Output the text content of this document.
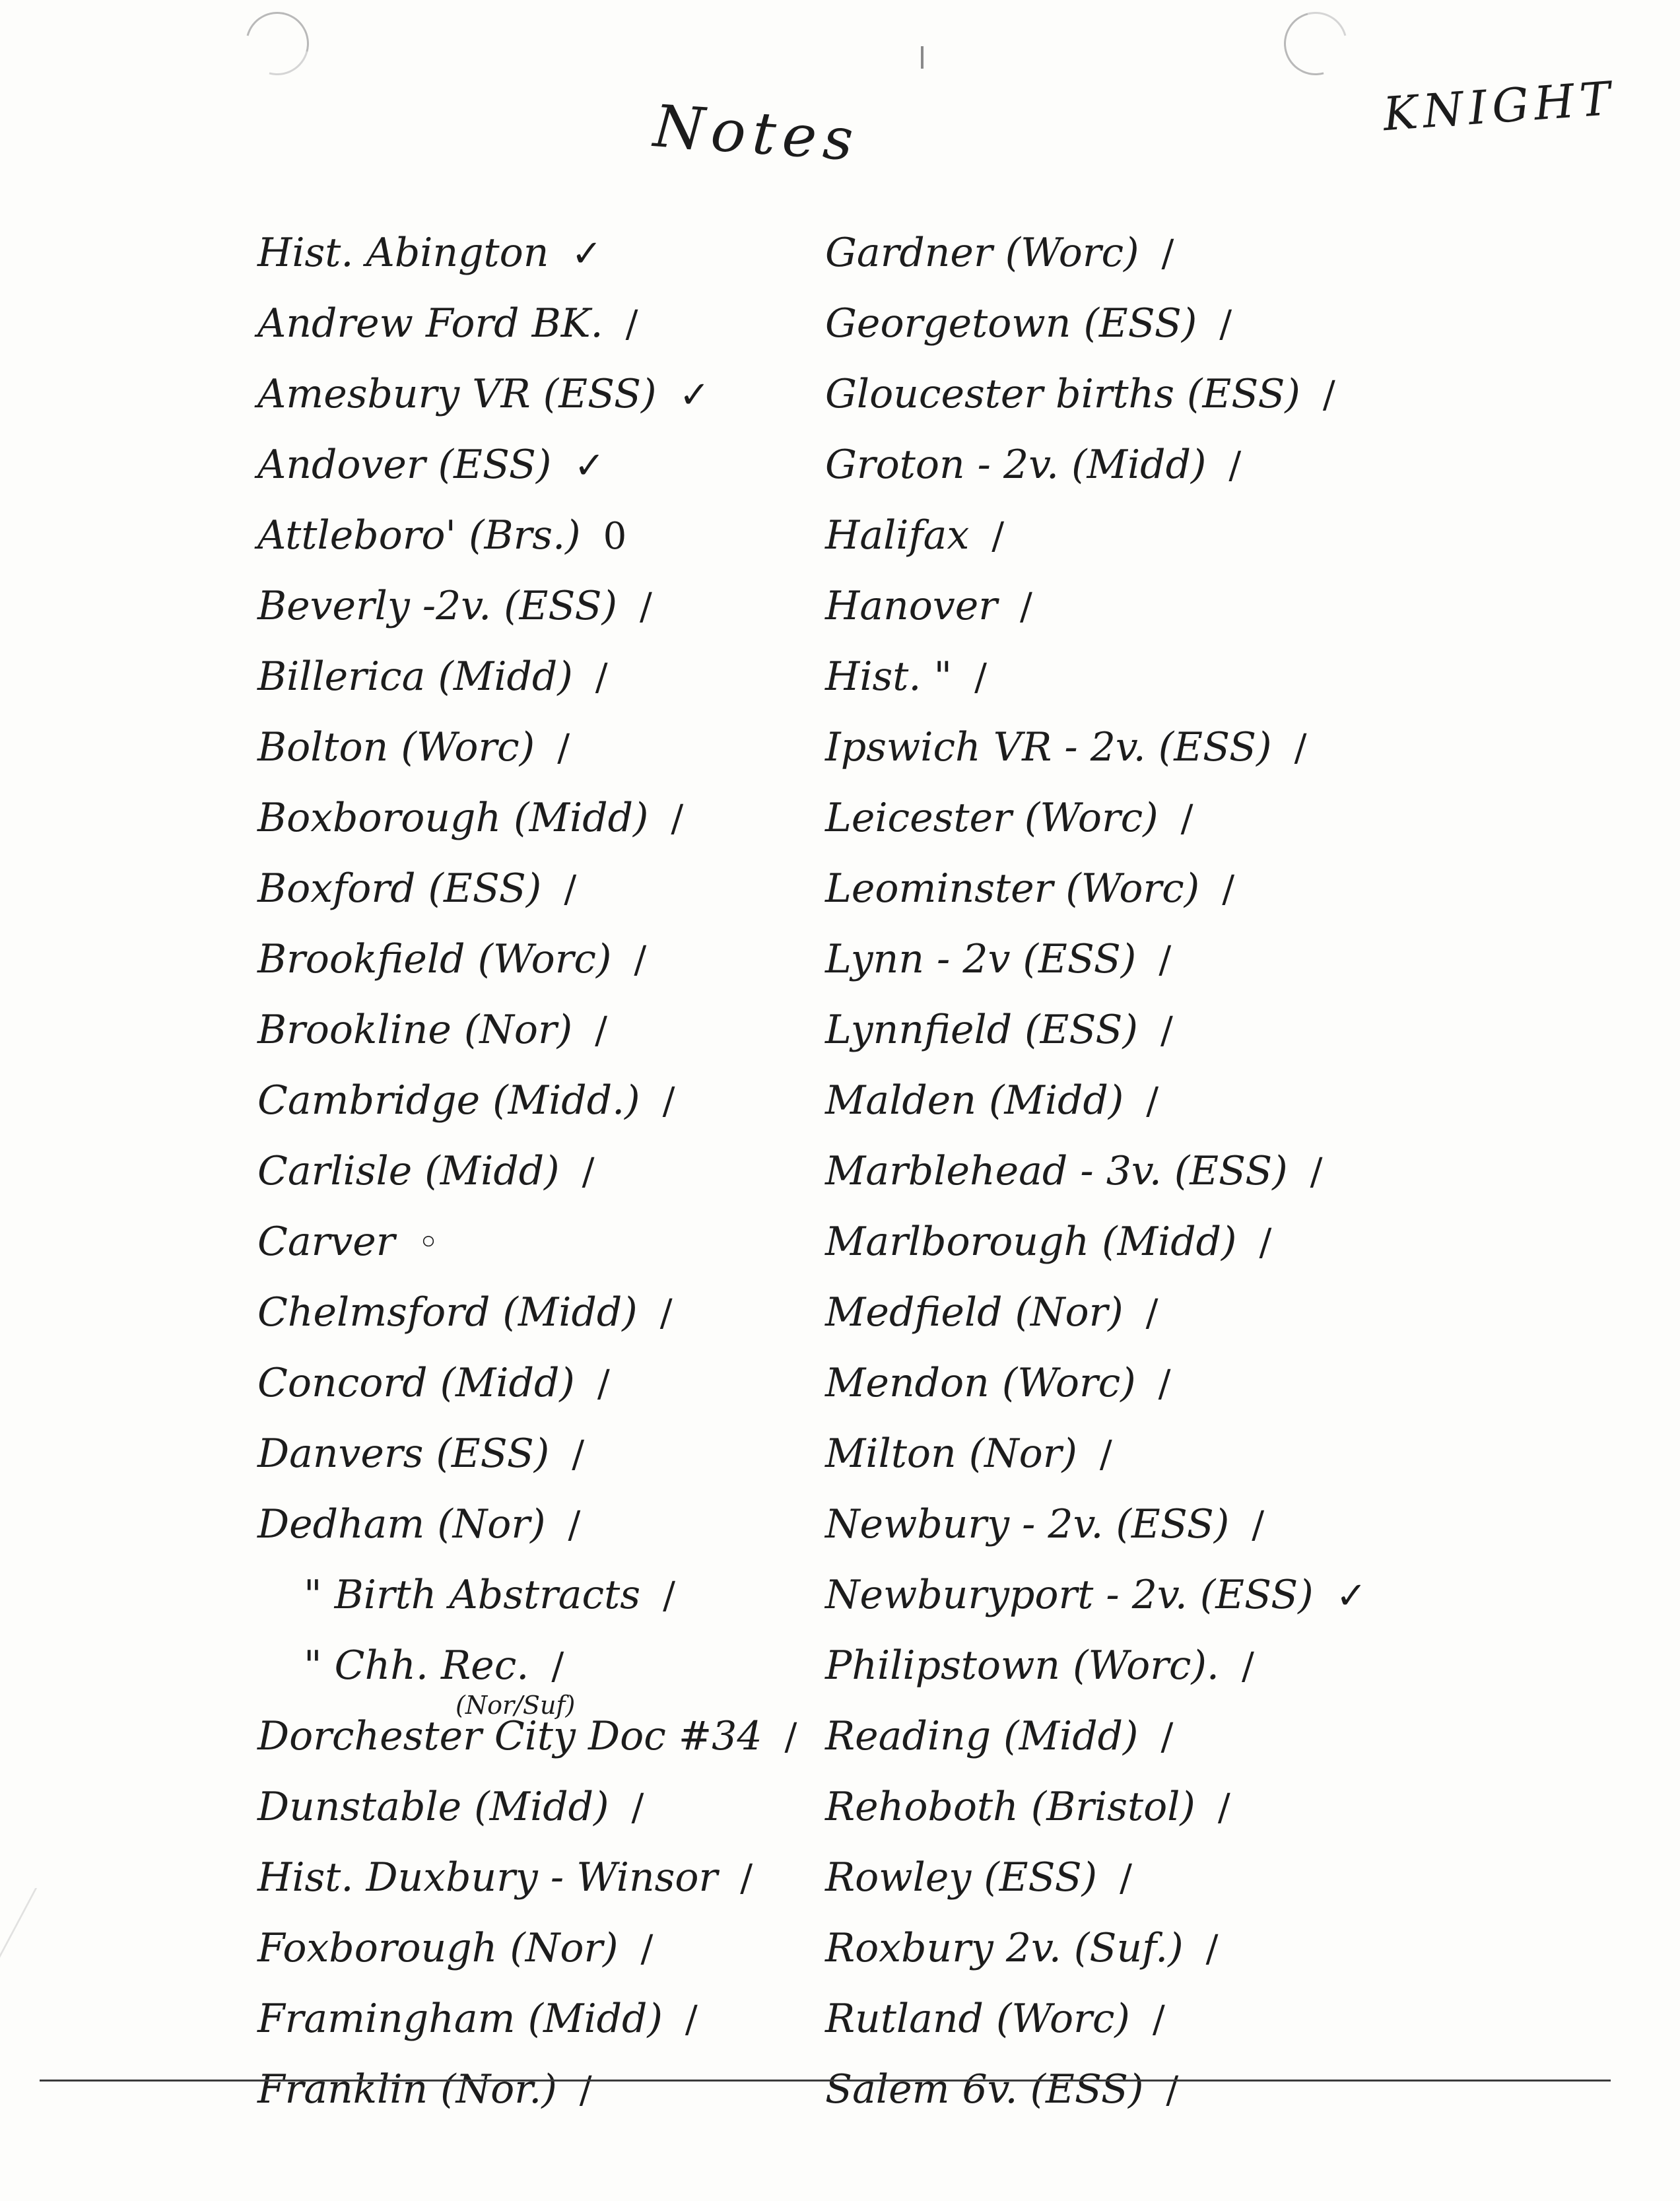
Notes	KNIGHT
Hist. Abington ✓
Andrew Ford BK. /
Amesbury VR (ESS) ✓
Andover (ESS) ✓
Attleboro' (Brs.) 0
Beverly -2v. (ESS) /
Billerica (Midd) /
Bolton (Worc) /
Boxborough (Midd) /
Boxford (ESS) /
Brookfield (Worc) /
Brookline (Nor) /
Cambridge (Midd.) /
Carlisle (Midd) /
Carver ◦
Chelmsford (Midd) /
Concord (Midd) /
Danvers (ESS) /
Dedham (Nor) /
" Birth Abstracts /
" Chh. Rec. /
Dorchester City Doc #34 /
(Nor/Suf)
Dunstable (Midd) /
Hist. Duxbury - Winsor /
Foxborough (Nor) /
Framingham (Midd) /
Franklin (Nor.) /
Gardner (Worc) /
Georgetown (ESS) /
Gloucester births (ESS) /
Groton - 2v. (Midd) /
Halifax /
Hanover /
Hist. " /
Ipswich VR - 2v. (ESS) /
Leicester (Worc) /
Leominster (Worc) /
Lynn - 2v (ESS) /
Lynnfield (ESS) /
Malden (Midd) /
Marblehead - 3v. (ESS) /
Marlborough (Midd) /
Medfield (Nor) /
Mendon (Worc) /
Milton (Nor) /
Newbury - 2v. (ESS) /
Newburyport - 2v. (ESS) ✓
Philipstown (Worc). /
Reading (Midd) /
Rehoboth (Bristol) /
Rowley (ESS) /
Roxbury 2v. (Suf.) /
Rutland (Worc) /
Salem 6v. (ESS) /
